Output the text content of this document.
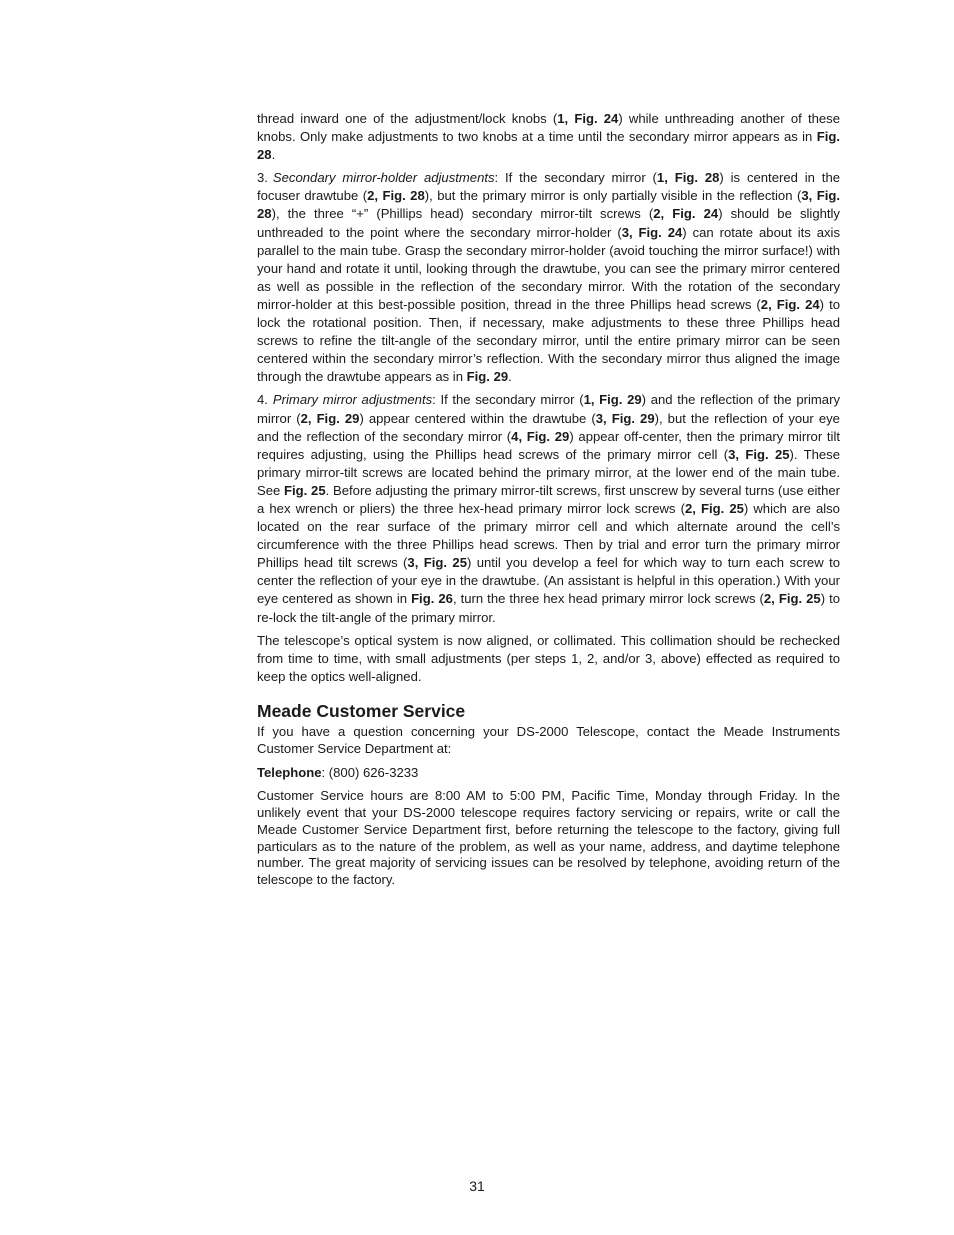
thread inward one of the adjustment/lock knobs (1, Fig. 24) while unthreading another of these knobs. Only make adjustments to two knobs at a time until the secondary mirror appears as in Fig. 28.

3. Secondary mirror-holder adjustments: If the secondary mirror (1, Fig. 28) is centered in the focuser drawtube (2, Fig. 28), but the primary mirror is only partially visible in the reflection (3, Fig. 28), the three “+” (Phillips head) secondary mirror-tilt screws (2, Fig. 24) should be slightly unthreaded to the point where the secondary mirror-holder (3, Fig. 24) can rotate about its axis parallel to the main tube. Grasp the secondary mirror-holder (avoid touching the mirror surface!) with your hand and rotate it until, looking through the drawtube, you can see the primary mirror centered as well as possible in the reflection of the secondary mirror. With the rotation of the secondary mirror-holder at this best-possible position, thread in the three Phillips head screws (2, Fig. 24) to lock the rotational position. Then, if necessary, make adjustments to these three Phillips head screws to refine the tilt-angle of the secondary mirror, until the entire primary mirror can be seen centered within the secondary mirror’s reflection. With the secondary mirror thus aligned the image through the drawtube appears as in Fig. 29.

4. Primary mirror adjustments: If the secondary mirror (1, Fig. 29) and the reflection of the primary mirror (2, Fig. 29) appear centered within the drawtube (3, Fig. 29), but the reflection of your eye and the reflection of the secondary mirror (4, Fig. 29) appear off-center, then the primary mirror tilt requires adjusting, using the Phillips head screws of the primary mirror cell (3, Fig. 25). These primary mirror-tilt screws are located behind the primary mirror, at the lower end of the main tube. See Fig. 25. Before adjusting the primary mirror-tilt screws, first unscrew by several turns (use either a hex wrench or pliers) the three hex-head primary mirror lock screws (2, Fig. 25) which are also located on the rear surface of the primary mirror cell and which alternate around the cell’s circumference with the three Phillips head screws. Then by trial and error turn the primary mirror Phillips head tilt screws (3, Fig. 25) until you develop a feel for which way to turn each screw to center the reflection of your eye in the drawtube. (An assistant is helpful in this operation.) With your eye centered as shown in Fig. 26, turn the three hex head primary mirror lock screws (2, Fig. 25) to re-lock the tilt-angle of the primary mirror.

The telescope’s optical system is now aligned, or collimated. This collimation should be rechecked from time to time, with small adjustments (per steps 1, 2, and/or 3, above) effected as required to keep the optics well-aligned.

Meade Customer Service

If you have a question concerning your DS-2000 Telescope, contact the Meade Instruments Customer Service Department at:

Telephone: (800) 626-3233

Customer Service hours are 8:00 AM to 5:00 PM, Pacific Time, Monday through Friday. In the unlikely event that your DS-2000 telescope requires factory servicing or repairs, write or call the Meade Customer Service Department first, before returning the telescope to the factory, giving full particulars as to the nature of the problem, as well as your name, address, and daytime telephone number. The great majority of servicing issues can be resolved by telephone, avoiding return of the telescope to the factory.

31
